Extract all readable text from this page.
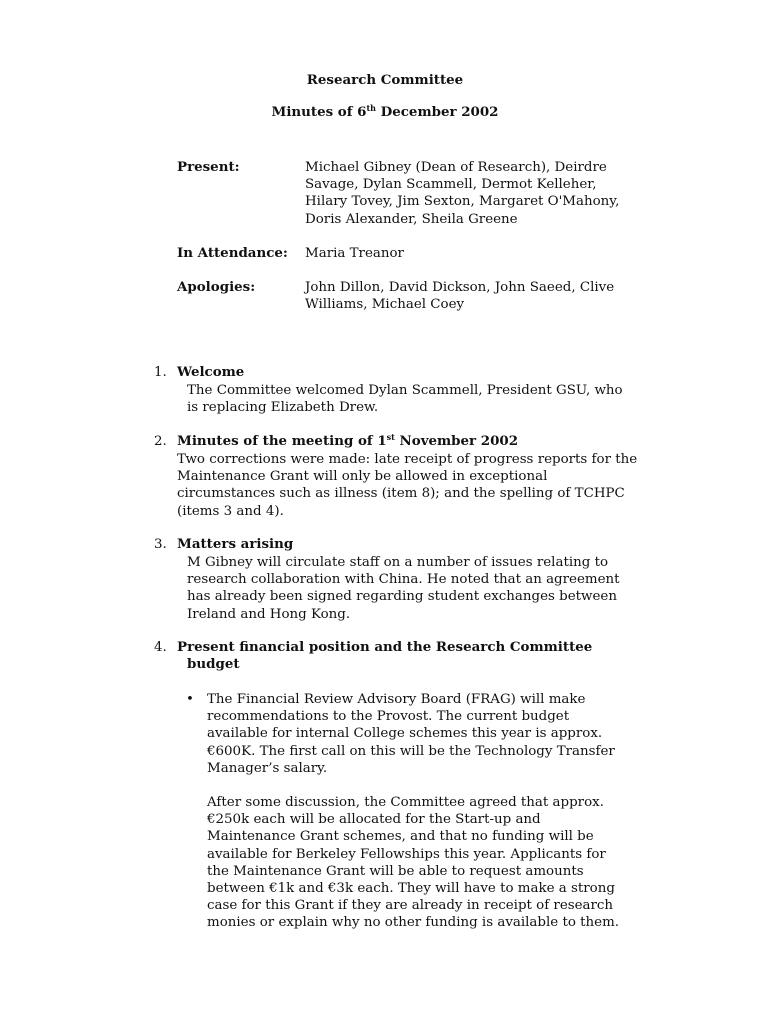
Research Committee
Minutes of 6th December 2002
Present:	Michael Gibney (Dean of Research), Deirdre
Savage, Dylan Scammell, Dermot Kelleher,
Hilary Tovey, Jim Sexton, Margaret O'Mahony,
Doris Alexander, Sheila Greene
In Attendance: Maria Treanor
Apologies:	John Dillon, David Dickson, John Saeed, Clive
Williams, Michael Coey
1. Welcome
The Committee welcomed Dylan Scammell, President GSU, who
is replacing Elizabeth Drew.
2. Minutes of the meeting of 1st November 2002
Two corrections were made: late receipt of progress reports for the
Maintenance Grant will only be allowed in exceptional
circumstances such as illness (item 8); and the spelling of TCHPC
(items 3 and 4).
3. Matters arising
M Gibney will circulate staff on a number of issues relating to
research collaboration with China. He noted that an agreement
has already been signed regarding student exchanges between
Ireland and Hong Kong.
4. Present financial position and the Research Committee
budget
• The Financial Review Advisory Board (FRAG) will make
recommendations to the Provost. The current budget
available for internal College schemes this year is approx.
€600K. The first call on this will be the Technology Transfer
Manager’s salary.
After some discussion, the Committee agreed that approx.
€250k each will be allocated for the Start-up and
Maintenance Grant schemes, and that no funding will be
available for Berkeley Fellowships this year. Applicants for
the Maintenance Grant will be able to request amounts
between €1k and €3k each. They will have to make a strong
case for this Grant if they are already in receipt of research
monies or explain why no other funding is available to them.
